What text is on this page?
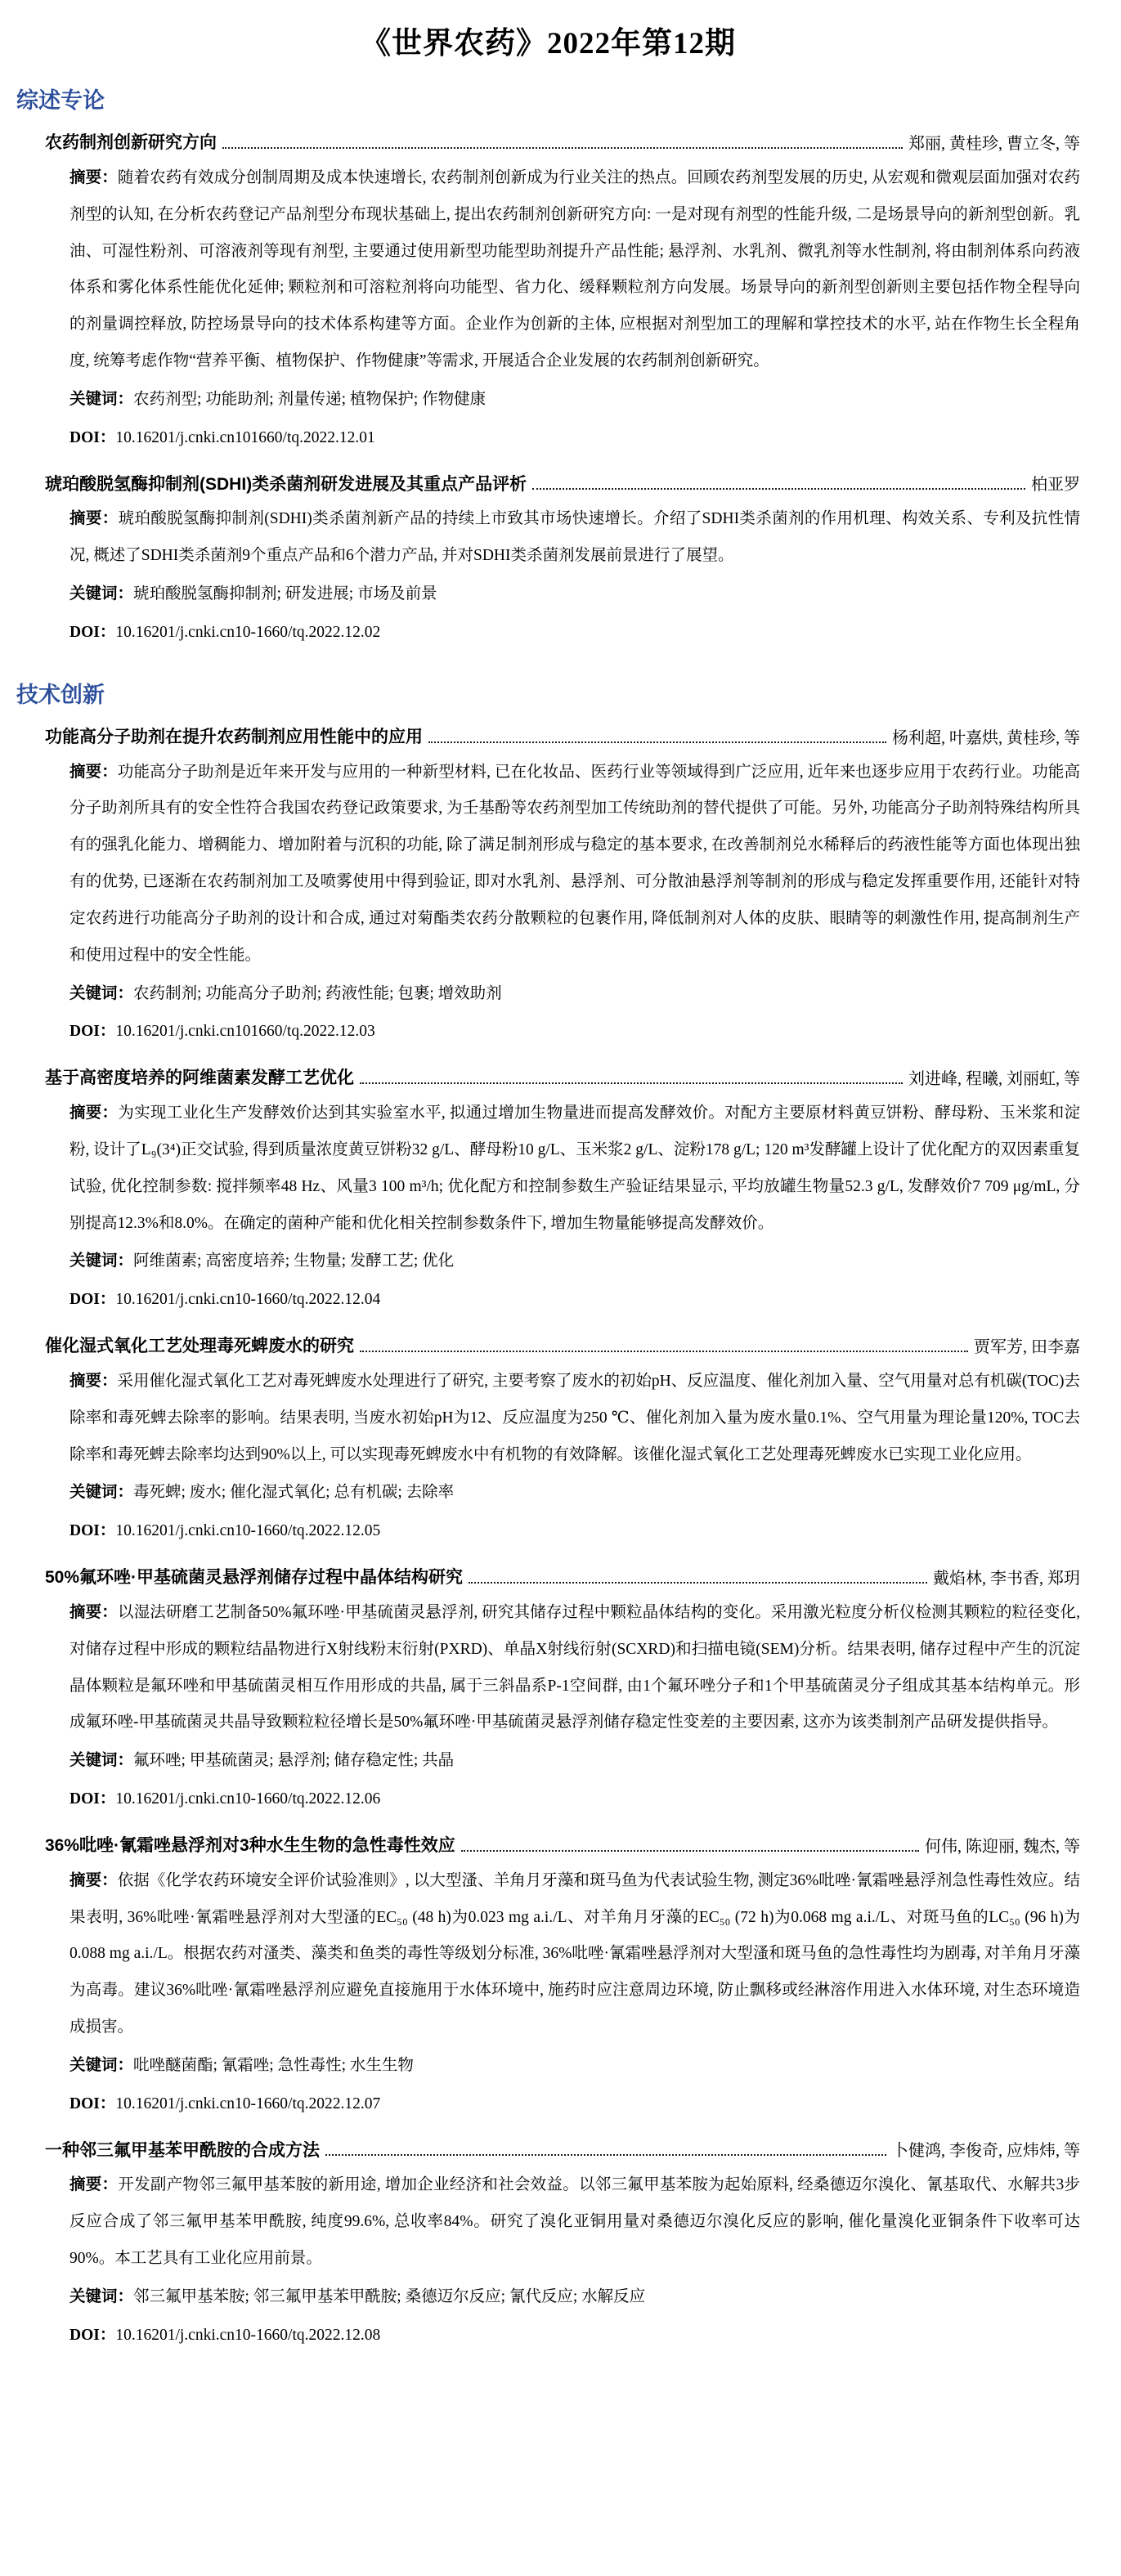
《世界农药》2022年第12期
综述专论
农药制剂创新研究方向	郑丽, 黄桂珍, 曹立冬, 等

摘要：随着农药有效成分创制周期及成本快速增长, 农药制剂创新成为行业关注的热点。回顾农药剂型发展的历史, 从宏观和微观层面加强对农药剂型的认知, 在分析农药登记产品剂型分布现状基础上, 提出农药制剂创新研究方向: 一是对现有剂型的性能升级, 二是场景导向的新剂型创新。乳油、可湿性粉剂、可溶液剂等现有剂型, 主要通过使用新型功能型助剂提升产品性能; 悬浮剂、水乳剂、微乳剂等水性制剂, 将由制剂体系向药液体系和雾化体系性能优化延伸; 颗粒剂和可溶粒剂将向功能型、省力化、缓释颗粒剂方向发展。场景导向的新剂型创新则主要包括作物全程导向的剂量调控释放, 防控场景导向的技术体系构建等方面。企业作为创新的主体, 应根据对剂型加工的理解和掌控技术的水平, 站在作物生长全程角度, 统筹考虑作物“营养平衡、植物保护、作物健康”等需求, 开展适合企业发展的农药制剂创新研究。

关键词：农药剂型; 功能助剂; 剂量传递; 植物保护; 作物健康

DOI：10.16201/j.cnki.cn101660/tq.2022.12.01

琥珀酸脱氢酶抑制剂(SDHI)类杀菌剂研发进展及其重点产品评析	柏亚罗

摘要：琥珀酸脱氢酶抑制剂(SDHI)类杀菌剂新产品的持续上市致其市场快速增长。介绍了SDHI类杀菌剂的作用机理、构效关系、专利及抗性情况, 概述了SDHI类杀菌剂9个重点产品和6个潜力产品, 并对SDHI类杀菌剂发展前景进行了展望。

关键词：琥珀酸脱氢酶抑制剂; 研发进展; 市场及前景

DOI：10.16201/j.cnki.cn10-1660/tq.2022.12.02

技术创新
功能高分子助剂在提升农药制剂应用性能中的应用	杨利超, 叶嘉烘, 黄桂珍, 等

摘要：功能高分子助剂是近年来开发与应用的一种新型材料, 已在化妆品、医药行业等领域得到广泛应用, 近年来也逐步应用于农药行业。功能高分子助剂所具有的安全性符合我国农药登记政策要求, 为壬基酚等农药剂型加工传统助剂的替代提供了可能。另外, 功能高分子助剂特殊结构所具有的强乳化能力、增稠能力、增加附着与沉积的功能, 除了满足制剂形成与稳定的基本要求, 在改善制剂兑水稀释后的药液性能等方面也体现出独有的优势, 已逐渐在农药制剂加工及喷雾使用中得到验证, 即对水乳剂、悬浮剂、可分散油悬浮剂等制剂的形成与稳定发挥重要作用, 还能针对特定农药进行功能高分子助剂的设计和合成, 通过对菊酯类农药分散颗粒的包裹作用, 降低制剂对人体的皮肤、眼睛等的刺激性作用, 提高制剂生产和使用过程中的安全性能。

关键词：农药制剂; 功能高分子助剂; 药液性能; 包裹; 增效助剂

DOI：10.16201/j.cnki.cn101660/tq.2022.12.03

基于高密度培养的阿维菌素发酵工艺优化	刘进峰, 程曦, 刘丽虹, 等

摘要：为实现工业化生产发酵效价达到其实验室水平, 拟通过增加生物量进而提高发酵效价。对配方主要原材料黄豆饼粉、酵母粉、玉米浆和淀粉, 设计了L₉(3⁴)正交试验, 得到质量浓度黄豆饼粉32 g/L、酵母粉10 g/L、玉米浆2 g/L、淀粉178 g/L; 120 m³发酵罐上设计了优化配方的双因素重复试验, 优化控制参数: 搅拌频率48 Hz、风量3 100 m³/h; 优化配方和控制参数生产验证结果显示, 平均放罐生物量52.3 g/L, 发酵效价7 709 μg/mL, 分别提高12.3%和8.0%。在确定的菌种产能和优化相关控制参数条件下, 增加生物量能够提高发酵效价。

关键词：阿维菌素; 高密度培养; 生物量; 发酵工艺; 优化

DOI：10.16201/j.cnki.cn10-1660/tq.2022.12.04

催化湿式氧化工艺处理毒死蜱废水的研究	贾军芳, 田李嘉

摘要：采用催化湿式氧化工艺对毒死蜱废水处理进行了研究, 主要考察了废水的初始pH、反应温度、催化剂加入量、空气用量对总有机碳(TOC)去除率和毒死蜱去除率的影响。结果表明, 当废水初始pH为12、反应温度为250 ℃、催化剂加入量为废水量0.1%、空气用量为理论量120%, TOC去除率和毒死蜱去除率均达到90%以上, 可以实现毒死蜱废水中有机物的有效降解。该催化湿式氧化工艺处理毒死蜱废水已实现工业化应用。

关键词：毒死蜱; 废水; 催化湿式氧化; 总有机碳; 去除率

DOI：10.16201/j.cnki.cn10-1660/tq.2022.12.05

50%氟环唑·甲基硫菌灵悬浮剂储存过程中晶体结构研究	戴焰林, 李书香, 郑玥

摘要：以湿法研磨工艺制备50%氟环唑·甲基硫菌灵悬浮剂, 研究其储存过程中颗粒晶体结构的变化。采用激光粒度分析仪检测其颗粒的粒径变化, 对储存过程中形成的颗粒结晶物进行X射线粉末衍射(PXRD)、单晶X射线衍射(SCXRD)和扫描电镜(SEM)分析。结果表明, 储存过程中产生的沉淀晶体颗粒是氟环唑和甲基硫菌灵相互作用形成的共晶, 属于三斜晶系P-1空间群, 由1个氟环唑分子和1个甲基硫菌灵分子组成其基本结构单元。形成氟环唑-甲基硫菌灵共晶导致颗粒粒径增长是50%氟环唑·甲基硫菌灵悬浮剂储存稳定性变差的主要因素, 这亦为该类制剂产品研发提供指导。

关键词：氟环唑; 甲基硫菌灵; 悬浮剂; 储存稳定性; 共晶

DOI：10.16201/j.cnki.cn10-1660/tq.2022.12.06

36%吡唑·氰霜唑悬浮剂对3种水生生物的急性毒性效应	何伟, 陈迎丽, 魏杰, 等

摘要：依据《化学农药环境安全评价试验准则》, 以大型溞、羊角月牙藻和斑马鱼为代表试验生物, 测定36%吡唑·氰霜唑悬浮剂急性毒性效应。结果表明, 36%吡唑·氰霜唑悬浮剂对大型溞的EC₅₀ (48 h)为0.023 mg a.i./L、对羊角月牙藻的EC₅₀ (72 h)为0.068 mg a.i./L、对斑马鱼的LC₅₀ (96 h)为0.088 mg a.i./L。根据农药对溞类、藻类和鱼类的毒性等级划分标准, 36%吡唑·氰霜唑悬浮剂对大型溞和斑马鱼的急性毒性均为剧毒, 对羊角月牙藻为高毒。建议36%吡唑·氰霜唑悬浮剂应避免直接施用于水体环境中, 施药时应注意周边环境, 防止飘移或经淋溶作用进入水体环境, 对生态环境造成损害。

关键词：吡唑醚菌酯; 氰霜唑; 急性毒性; 水生生物

DOI：10.16201/j.cnki.cn10-1660/tq.2022.12.07

一种邻三氟甲基苯甲酰胺的合成方法	卜健鸿, 李俊奇, 应炜炜, 等

摘要：开发副产物邻三氟甲基苯胺的新用途, 增加企业经济和社会效益。以邻三氟甲基苯胺为起始原料, 经桑德迈尔溴化、氰基取代、水解共3步反应合成了邻三氟甲基苯甲酰胺, 纯度99.6%, 总收率84%。研究了溴化亚铜用量对桑德迈尔溴化反应的影响, 催化量溴化亚铜条件下收率可达90%。本工艺具有工业化应用前景。

关键词：邻三氟甲基苯胺; 邻三氟甲基苯甲酰胺; 桑德迈尔反应; 氰代反应; 水解反应

DOI：10.16201/j.cnki.cn10-1660/tq.2022.12.08
